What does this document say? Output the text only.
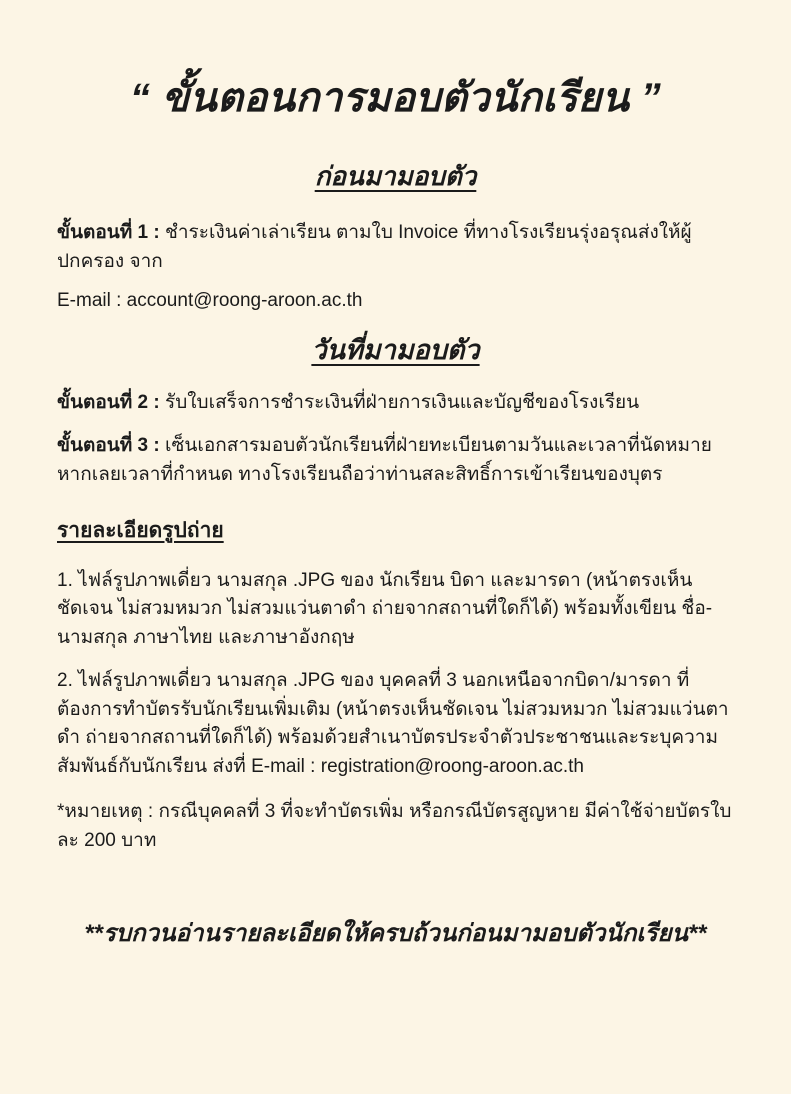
“ ขั้นตอนการมอบตัวนักเรียน ”
ก่อนมามอบตัว

ขั้นตอนที่ 1 : ชำระเงินค่าเล่าเรียน ตามใบ Invoice ที่ทางโรงเรียนรุ่งอรุณส่งให้ผู้ปกครอง จาก

E-mail : account@roong-aroon.ac.th

วันที่มามอบตัว

ขั้นตอนที่ 2 : รับใบเสร็จการชำระเงินที่ฝ่ายการเงินและบัญชีของโรงเรียน

ขั้นตอนที่ 3 : เซ็นเอกสารมอบตัวนักเรียนที่ฝ่ายทะเบียนตามวันและเวลาที่นัดหมาย หากเลยเวลาที่กำหนด ทางโรงเรียนถือว่าท่านสละสิทธิ์การเข้าเรียนของบุตร

รายละเอียดรูปถ่าย

1. ไฟล์รูปภาพเดี่ยว นามสกุล .JPG ของ นักเรียน บิดา และมารดา (หน้าตรงเห็นชัดเจน ไม่สวมหมวก ไม่สวมแว่นตาดำ ถ่ายจากสถานที่ใดก็ได้) พร้อมทั้งเขียน ชื่อ-นามสกุล ภาษาไทย และภาษาอังกฤษ

2. ไฟล์รูปภาพเดี่ยว นามสกุล .JPG ของ บุคคลที่ 3 นอกเหนือจากบิดา/มารดา ที่ต้องการทำบัตรรับนักเรียนเพิ่มเติม (หน้าตรงเห็นชัดเจน ไม่สวมหมวก ไม่สวมแว่นตาดำ ถ่ายจากสถานที่ใดก็ได้) พร้อมด้วยสำเนาบัตรประจำตัวประชาชนและระบุความสัมพันธ์กับนักเรียน ส่งที่ E-mail : registration@roong-aroon.ac.th

*หมายเหตุ : กรณีบุคคลที่ 3 ที่จะทำบัตรเพิ่ม หรือกรณีบัตรสูญหาย มีค่าใช้จ่ายบัตรใบละ 200 บาท

**รบกวนอ่านรายละเอียดให้ครบถ้วนก่อนมามอบตัวนักเรียน**
